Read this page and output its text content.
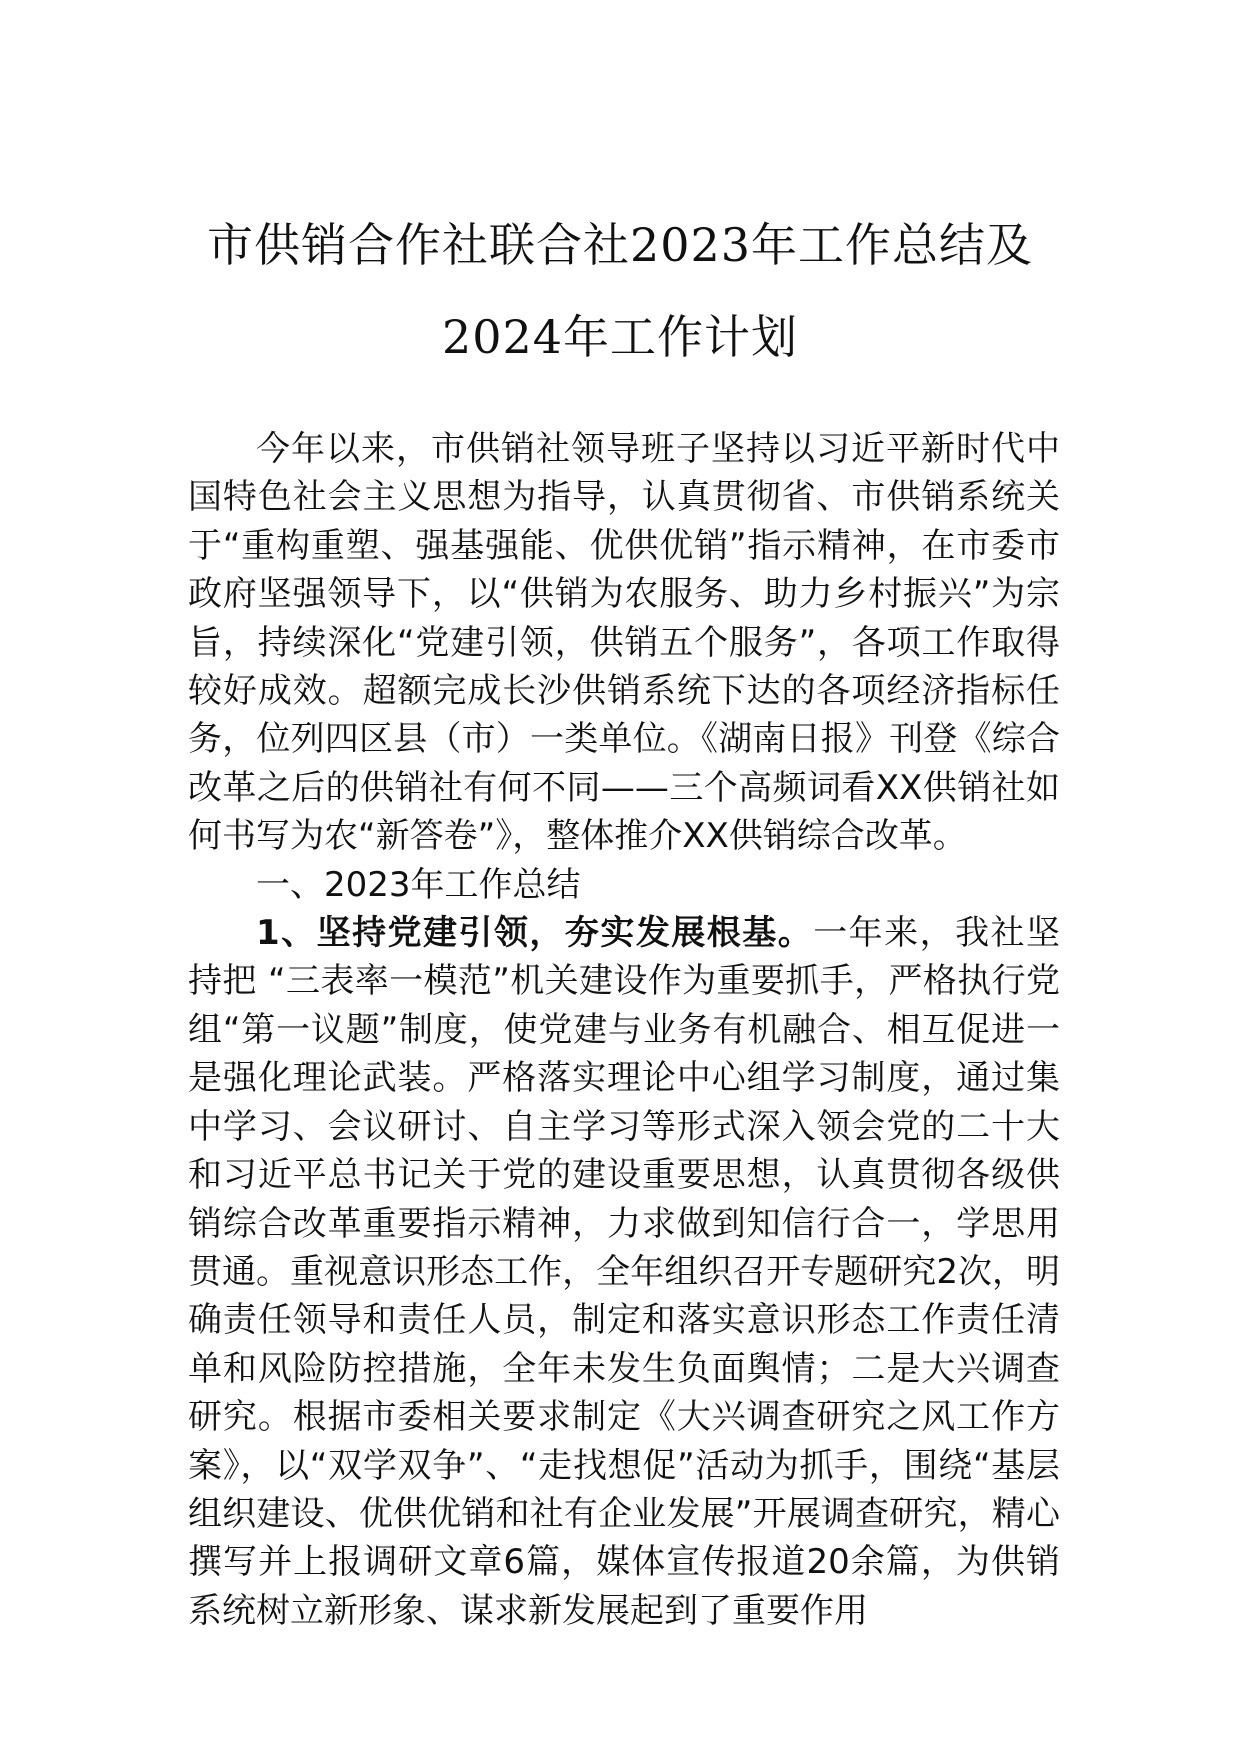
市供销合作社联合社2023年工作总结及
2024年工作计划

今年以来，市供销社领导班子坚持以习近平新时代中国特色社会主义思想为指导，认真贯彻省、市供销系统关于“重构重塑、强基强能、优供优销”指示精神，在市委市政府坚强领导下，以“供销为农服务、助力乡村振兴”为宗旨，持续深化“党建引领，供销五个服务”，各项工作取得较好成效。超额完成长沙供销系统下达的各项经济指标任务，位列四区县（市）一类单位。《湖南日报》刊登《综合改革之后的供销社有何不同——三个高频词看XX供销社如何书写为农“新答卷”》，整体推介XX供销综合改革。

一、2023年工作总结

1、坚持党建引领，夯实发展根基。一年来，我社坚持把 “三表率一模范”机关建设作为重要抓手，严格执行党组“第一议题”制度，使党建与业务有机融合、相互促进一是强化理论武装。严格落实理论中心组学习制度，通过集中学习、会议研讨、自主学习等形式深入领会党的二十大和习近平总书记关于党的建设重要思想，认真贯彻各级供销综合改革重要指示精神，力求做到知信行合一，学思用贯通。重视意识形态工作，全年组织召开专题研究2次，明确责任领导和责任人员，制定和落实意识形态工作责任清单和风险防控措施，全年未发生负面舆情；二是大兴调查研究。根据市委相关要求制定《大兴调查研究之风工作方案》，以“双学双争”、“走找想促”活动为抓手，围绕“基层组织建设、优供优销和社有企业发展”开展调查研究，精心撰写并上报调研文章6篇，媒体宣传报道20余篇，为供销系统树立新形象、谋求新发展起到了重要作用
